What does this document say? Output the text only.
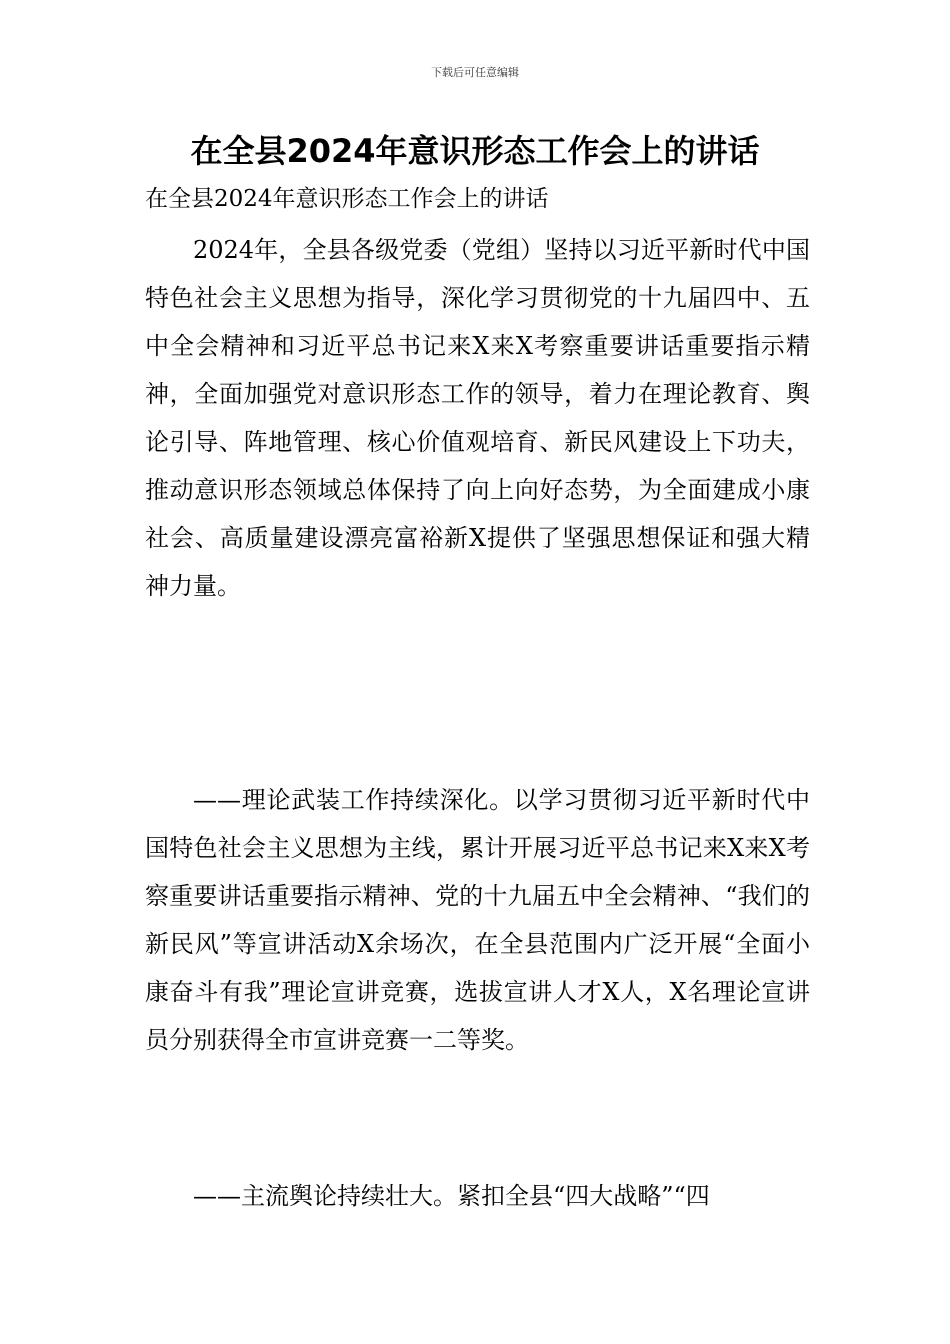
下载后可任意编辑
在全县2024年意识形态工作会上的讲话
在全县2024年意识形态工作会上的讲话

2024年，全县各级党委（党组）坚持以习近平新时代中国特色社会主义思想为指导，深化学习贯彻党的十九届四中、五中全会精神和习近平总书记来X来X考察重要讲话重要指示精神，全面加强党对意识形态工作的领导，着力在理论教育、舆论引导、阵地管理、核心价值观培育、新民风建设上下功夫，推动意识形态领域总体保持了向上向好态势，为全面建成小康社会、高质量建设漂亮富裕新X提供了坚强思想保证和强大精神力量。

——理论武装工作持续深化。以学习贯彻习近平新时代中国特色社会主义思想为主线，累计开展习近平总书记来X来X考察重要讲话重要指示精神、党的十九届五中全会精神、“我们的新民风”等宣讲活动X余场次，在全县范围内广泛开展“全面小康奋斗有我”理论宣讲竞赛，选拔宣讲人才X人，X名理论宣讲员分别获得全市宣讲竞赛一二等奖。

——主流舆论持续壮大。紧扣全县“四大战略”“四
